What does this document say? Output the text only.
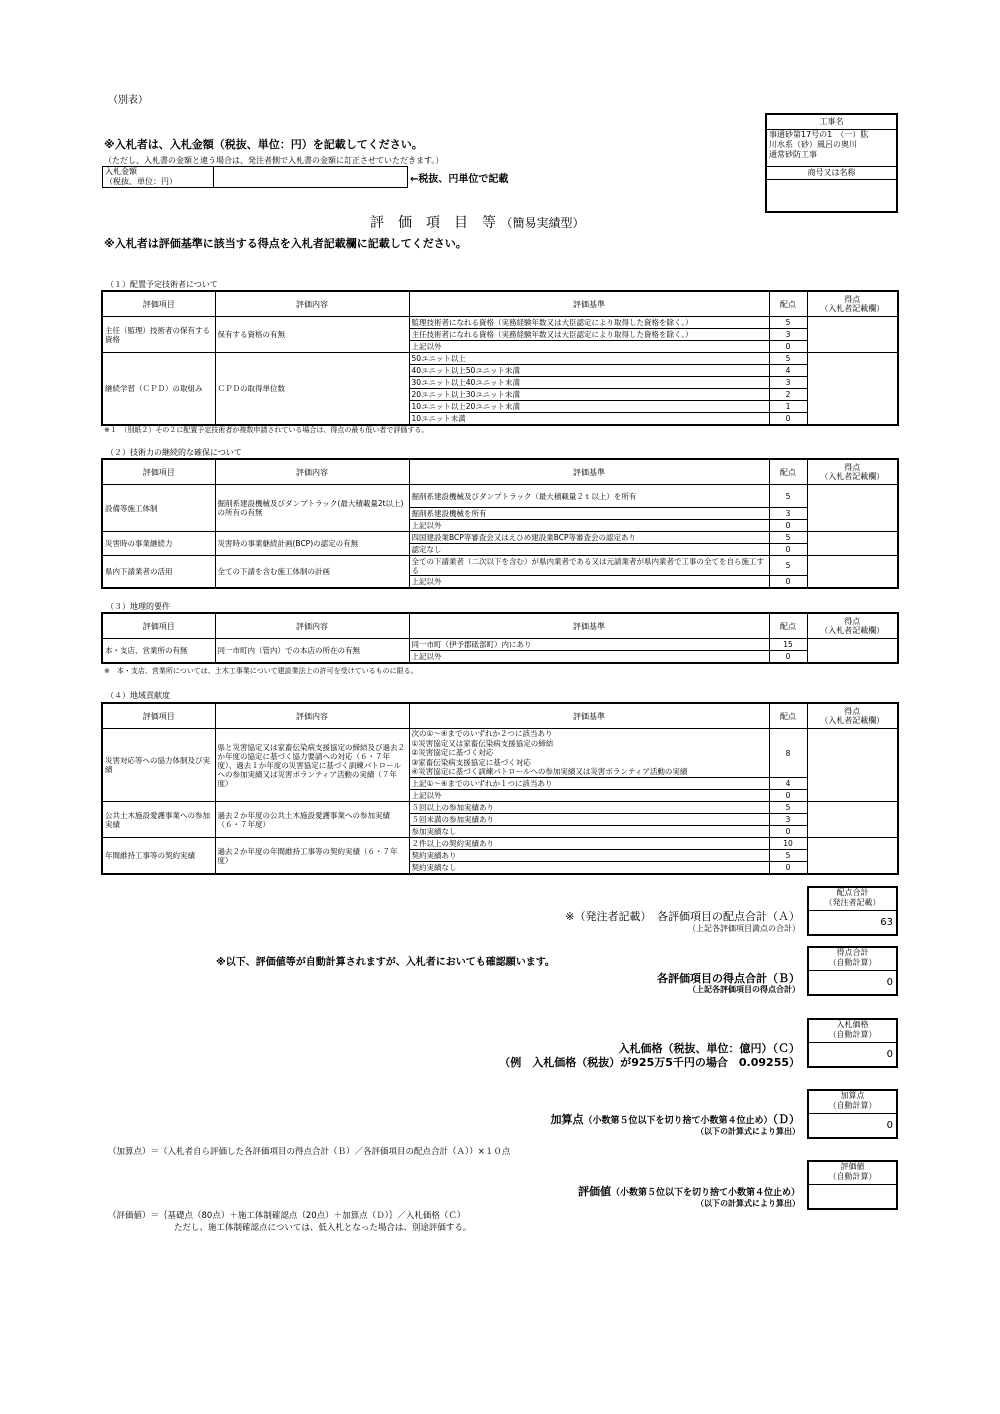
（別表）
※入札者は、入札金額（税抜、単位：円）を記載してください。
（ただし、入札書の金額と違う場合は、発注者側で入札書の金額に訂正させていただきます。）
入札金額
（税抜、単位：円）	←税抜、円単位で記載
工事名
事通砂第17号の1　（一）肱
川水系（砂）風呂の奥川
通常砂防工事
商号又は名称
評　価　項　目　等 （簡易実績型）
※入札者は評価基準に該当する得点を入札者記載欄に記載してください。
（１）配置予定技術者について
評価項目	評価内容	評価基準	配点	得点
（入札者記載欄）

主任（監理）技術者の保有する資格	保有する資格の有無	監理技術者になれる資格（実務経験年数又は大臣認定により取得した資格を除く。）	5	
		主任技術者になれる資格（実務経験年数又は大臣認定により取得した資格を除く。）	3	
		上記以外	0	
継続学習（ＣＰＤ）の取組み	ＣＰＤの取得単位数	50ユニット以上	5	
		40ユニット以上50ユニット未満	4	
		30ユニット以上40ユニット未満	3	
		20ユニット以上30ユニット未満	2	
		10ユニット以上20ユニット未満	1	
		10ユニット未満	0	
※１　（別紙２）その２に配置予定技術者が複数申請されている場合は、得点の最も低い者で評価する。
（２）技術力の継続的な確保について
評価項目	評価内容	評価基準	配点	得点
（入札者記載欄）

設備等施工体制	掘削系建設機械及びダンプトラック(最大積載量2t以上)の所有の有無	掘削系建設機械及びダンプトラック（最大積載量２ｔ以上）を所有	5	
		掘削系建設機械を所有	3	
		上記以外	0	
災害時の事業継続力	災害時の事業継続計画(BCP)の認定の有無	四国建設業BCP等審査会又はえひめ建設業BCP等審査会の認定あり	5	
		認定なし	0	
県内下請業者の活用	全ての下請を含む施工体制の計画	全ての下請業者（二次以下を含む）が県内業者である又は元請業者が県内業者で工事の全てを自ら施工する	5	
		上記以外	0	
（３）地理的要件
評価項目	評価内容	評価基準	配点	得点
（入札者記載欄）

本・支店、営業所の有無	同一市町内（管内）での本店の所在の有無	同一市町（伊予郡砥部町）内にあり	15	
		上記以外	0	
※　本・支店、営業所については、土木工事業について建設業法上の許可を受けているものに限る。
（４）地域貢献度
評価項目	評価内容	評価基準	配点	得点
（入札者記載欄）

災害対応等への協力体制及び実績	県と災害協定又は家畜伝染病支援協定の締結及び過去２か年度の協定に基づく協力要請への対応（６・７年度）、過去１か年度の災害協定に基づく訓練パトロールへの参加実績又は災害ボランティア活動の実績（７年度）	次の①～④までのいずれか２つに該当あり
①災害協定又は家畜伝染病支援協定の締結
②災害協定に基づく対応
③家畜伝染病支援協定に基づく対応
④災害協定に基づく訓練パトロールへの参加実績又は災害ボランティア活動の実績	8	
		上記①～④までのいずれか１つに該当あり	4	
		上記以外	0	
公共土木施設愛護事業への参加実績	過去２か年度の公共土木施設愛護事業への参加実績（６・７年度）	５回以上の参加実績あり	5	
		５回未満の参加実績あり	3	
		参加実績なし	0	
年間維持工事等の契約実績	過去２か年度の年間維持工事等の契約実績（６・７年度）	２件以上の契約実績あり	10	
		契約実績あり	5	
		契約実績なし	0	
配点合計
（発注者記載）
63
※（発注者記載）　各評価項目の配点合計（Ａ）
（上記各評価項目満点の合計）
※以下、評価値等が自動計算されますが、入札者においても確認願います。
得点合計
（自動計算）
0
各評価項目の得点合計（Ｂ）
（上記各評価項目の得点合計）
入札価格
（自動計算）
0
入札価格（税抜、単位：億円）（Ｃ）
（例　入札価格（税抜）が925万5千円の場合　0.09255）
加算点
（自動計算）
0
加算点（小数第５位以下を切り捨て小数第４位止め）（Ｄ）
（以下の計算式により算出）
（加算点）＝（入札者自ら評価した各評価項目の得点合計（Ｂ）／各評価項目の配点合計（Ａ））×１０点
評価値
（自動計算）
評価値（小数第５位以下を切り捨て小数第４位止め）
（以下の計算式により算出）
（評価値）＝｛基礎点（80点）＋施工体制確認点（20点）＋加算点（Ｄ）｝／入札価格（Ｃ）
ただし、施工体制確認点については、低入札となった場合は、別途評価する。
